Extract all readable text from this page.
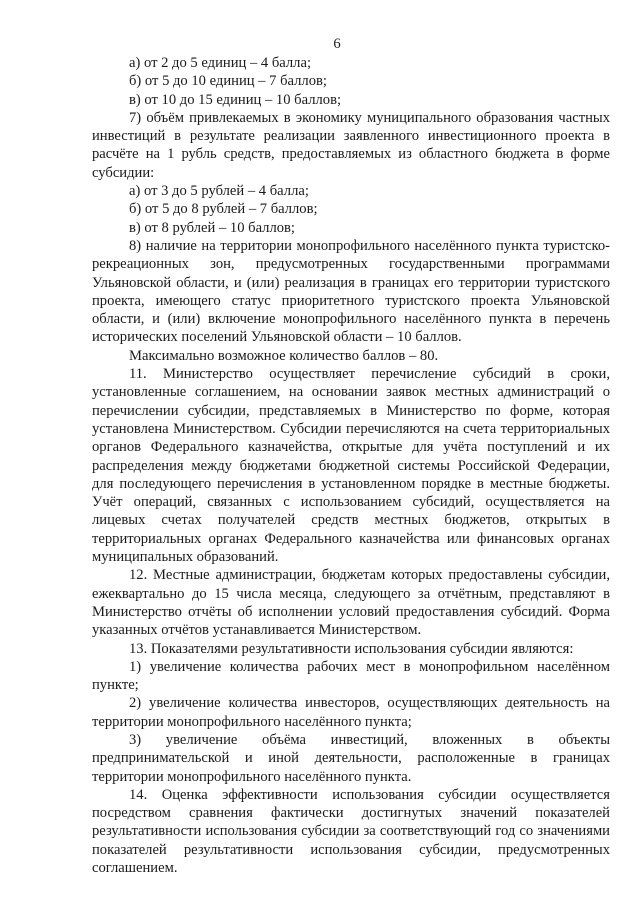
6

а) от 2 до 5 единиц – 4 балла;

б) от 5 до 10 единиц – 7 баллов;

в) от 10 до 15 единиц – 10 баллов;

7) объём привлекаемых в экономику муниципального образования частных инвестиций в результате реализации заявленного инвестиционного проекта в расчёте на 1 рубль средств, предоставляемых из областного бюджета в форме субсидии:

а) от 3 до 5 рублей – 4 балла;

б) от 5 до 8 рублей – 7 баллов;

в) от 8 рублей – 10 баллов;

8) наличие на территории монопрофильного населённого пункта туристско-рекреационных зон, предусмотренных государственными программами Ульяновской области, и (или) реализация в границах его территории туристского проекта, имеющего статус приоритетного туристского проекта Ульяновской области, и (или) включение монопрофильного населённого пункта в перечень исторических поселений Ульяновской области – 10 баллов.

Максимально возможное количество баллов – 80.

11. Министерство осуществляет перечисление субсидий в сроки, установленные соглашением, на основании заявок местных администраций о перечислении субсидии, представляемых в Министерство по форме, которая установлена Министерством. Субсидии перечисляются на счета территориальных органов Федерального казначейства, открытые для учёта поступлений и их распределения между бюджетами бюджетной системы Российской Федерации, для последующего перечисления в установленном порядке в местные бюджеты. Учёт операций, связанных с использованием субсидий, осуществляется на лицевых счетах получателей средств местных бюджетов, открытых в территориальных органах Федерального казначейства или финансовых органах муниципальных образований.

12. Местные администрации, бюджетам которых предоставлены субсидии, ежеквартально до 15 числа месяца, следующего за отчётным, представляют в Министерство отчёты об исполнении условий предоставления субсидий. Форма указанных отчётов устанавливается Министерством.

13. Показателями результативности использования субсидии являются:

1) увеличение количества рабочих мест в монопрофильном населённом пункте;

2) увеличение количества инвесторов, осуществляющих деятельность на территории монопрофильного населённого пункта;

3) увеличение объёма инвестиций, вложенных в объекты предпринимательской и иной деятельности, расположенные в границах территории монопрофильного населённого пункта.

14. Оценка эффективности использования субсидии осуществляется посредством сравнения фактически достигнутых значений показателей результативности использования субсидии за соответствующий год со значениями показателей результативности использования субсидии, предусмотренных соглашением.
